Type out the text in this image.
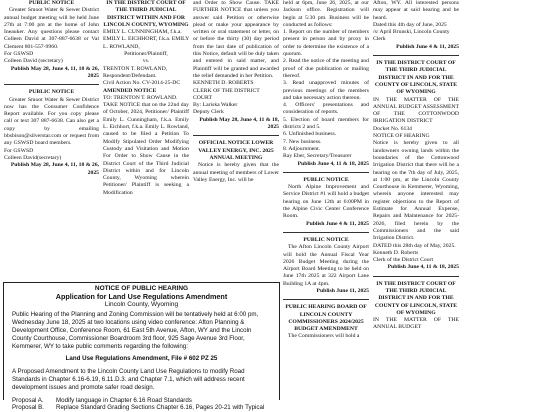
PUBLIC NOTICE

Greater Smoot Water & Sewer District annual budget meeting will be held June 27th at 7:00 pm at the home of John Ineauker. Any questions please contact Colleen David at 307-887-6638 or Val Clement 801-557-9960.

For GSWSD

Colleen David (secretary)

Publish May 28, June 4, 11, 18 & 26, 2025

PUBLIC NOTICE

Greater Smoot Water & Sewer District now has the Consumer Confidence Report available. For you copy please call or text 307 887-6638. Can also get a copy by emailing bbsbison@silverstar.com or request from any GSWSD board members.

For GSWSD

Colleen David(secretary)

Publish May 28, June 4, 11, 18 & 26, 2025

IN THE DISTRICT COURT OF THE THIRD JUDICIAL DISTRICT WITHIN AND FOR LINCOLN COUNTY, WYOMING

EMILY L. CUNNINGHAM, f.k.a. EMILY L. EICHHORT, f.k.a. EMILY L. ROWLAND,

Petitioner/Plaintiff,

vs.

TRENTON T. ROWLAND, Respondent/Defendant.

Civil Action No. CV-2014-25-DC

AMENDED NOTICE

TO: TRENTON T. ROWLAND.

TAKE NOTICE that on the 22nd day of October, 2024, Petitioner/ Plaintiff Emily L. Cunningham, f.k.a. Emily L. Eichhort, f.k.a. Emily L. Rowland, caused to be filed a Petition To Modify Stipulated Order Modifying Custody and Visitation and Motion For Order to Show Cause in the District Court of the Third Judicial District within and for Lincoln County, Wyoming wherein Petitioner/ Plaintiff is seeking a Modification

and Order to Show Cause. TAKE FURTHER NOTICE that unless you answer said Petition or otherwise plead or make your appearance by written or oral statement or letter, on or before the thirty (30) day period from the last date of publication of this Notice, default will be duly taken and entered in said matter, and Plaintiff will be granted and awarded the relief demanded in her Petition.

KENNETH D. ROBERTS

CLERK OF THE DISTRICT COURT

By: Lariska Walker

Deputy Clerk

Publish May 28, June 4, 11 & 18, 2025

OFFICIAL NOTICE LOWER VALLEY ENERGY, INC. 2025 ANNUAL MEETING

Notice is hereby given that the annual meeting of members of Lower Valley Energy, Inc. will be

held at 6pm, June 26, 2025, at our Jackson office. Registration will begin at 5:30 pm. Business will be conducted as follows:

1. Report on the number of members present in person and by proxy in order to determine the existence of a quorum.

2. Read the notice of the meeting and proof of due publication or mailing thereof.

3. Read unapproved minutes of previous meetings of the members and take necessary action thereon.

4. Officers' presentations and consideration of reports.

5. Election of board members for districts 2 and 5.

6. Unfinished business.

7. New business.

8. Adjournment.

Ray Eber, Secretary/Treasurer

Publish June 4, 11 & 18, 2025

PUBLIC NOTICE

North Alpine Improvement and Service District #1 will hold a budget hearing on June 12th at 6:00PM in the Alpine Civic Center Conference Room.

Publish June 4 & 11, 2025

PUBLIC NOTICE

The Afton Lincoln County Airport will hold the Annual Fiscal Year 2026 Budget Meeting during the Airport Board Meeting to be held on June 17th 2025 at 322 Airport Lane Building 1A at 4pm.

Publish June 11, 2025

PUBLIC HEARING BOARD OF LINCOLN COUNTY COMMISSIONERS 2024/2025 BUDGET AMENDMENT

The Commissioners will hold a

Afton, WY. All interested persons may appear at said hearing and be heard.

Dated this 4th day of June, 2025

/s/ April Brunski, Lincoln County Clerk

Publish June 4 & 11, 2025

IN THE DISTRICT COURT OF THE THIRD JUDICIAL DISTRICT IN AND FOR THE COUNTY OF LINCOLN, STATE OF WYOMING

IN THE MATTER OF THE ANNUAL BUDGET ASSESSMENT OF THE COTTONWOOD IRRIGATION DISTRICT

Docket No. 6134

NOTICE OF HEARING

Notice is hereby given to all landowners owning lands within the boundaries of the Cottonwood Irrigation District that there will be a hearing on the 7th day of July, 2025, at 1:00 pm, at the Lincoln County Courthouse in Kemmerer, Wyoming, wherein anyone interested may register objections to the Report of Estimate for Annual Expense, Repairs and Maintenance for 2025-2026, filed herein by the Commissioners and the said Irrigation District.

DATED this 28th day of May, 2025.

Kenneth D. Roberts

Clerk of the District Court

Publish June 4, 11 & 18, 2025

IN THE DISTRICT COURT OF THE THIRD JUDICIAL DISTRICT IN AND FOR THE COUNTY OF LINCOLN, STATE OF WYOMING

IN THE MATTER OF THE ANNUAL BUDGET

NOTICE OF PUBLIC HEARING
Application for Land Use Regulations Amendment
Lincoln County, Wyoming

Public Hearing of the Planning and Zoning Commission will be tentatively held at 6:00 pm, Wednesday June 18, 2025 at two locations using video conference: Afton Planning & Development Office, Conference Room, 61 East 5th Avenue, Afton, WY and the Lincoln County Courthouse, Commissioner Boardroom 3rd floor, 925 Sage Avenue 3rd Floor, Kemmerer, WY to take public comments regarding the following:

Land Use Regulations Amendment, File # 602 PZ 25

A Proposed Amendment to the Lincoln County Land Use Regulations to modify Road Standards in Chapter 6.16-6.19, 6.11.D.3. and Chapter 7.1, which will address recent development issues and promote safer road design.

Proposal A.	Modify language in Chapter 6.16 Road Standards
Proposal B.	Replace Standard Grading Sections Chapter 6.16, Pages 20-21 with Typical
